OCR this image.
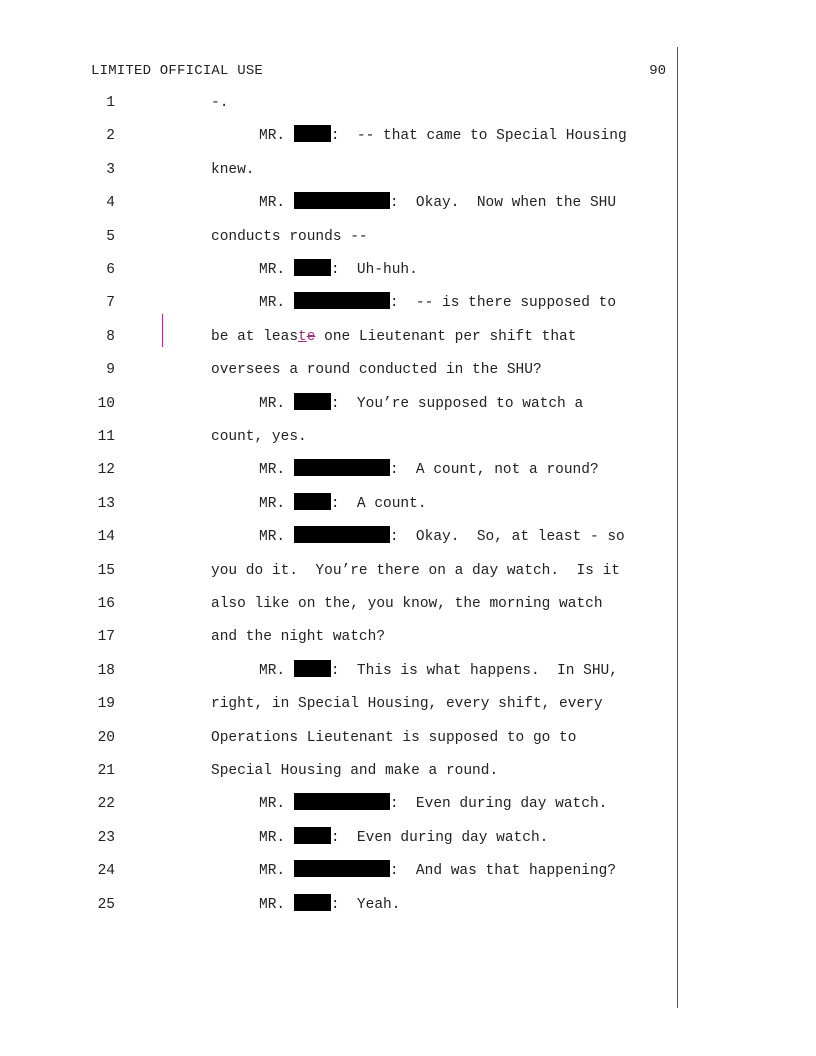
LIMITED OFFICIAL USE	90
1	-.
2	MR.	:  -- that came to Special Housing
3	knew.
4	MR.	:  Okay.  Now when the SHU
5	conducts rounds --
6	MR.	:  Uh-huh.
7	MR.	:  -- is there supposed to
8	be at leaste one Lieutenant per shift that
9	oversees a round conducted in the SHU?
10	MR.	:  You’re supposed to watch a
11	count, yes.
12	MR.	:  A count, not a round?
13	MR.	:  A count.
14	MR.	:  Okay.  So, at least - so
15	you do it.  You’re there on a day watch.  Is it
16	also like on the, you know, the morning watch
17	and the night watch?
18	MR.	:  This is what happens.  In SHU,
19	right, in Special Housing, every shift, every
20	Operations Lieutenant is supposed to go to
21	Special Housing and make a round.
22	MR.	:  Even during day watch.
23	MR.	:  Even during day watch.
24	MR.	:  And was that happening?
25	MR.	:  Yeah.
